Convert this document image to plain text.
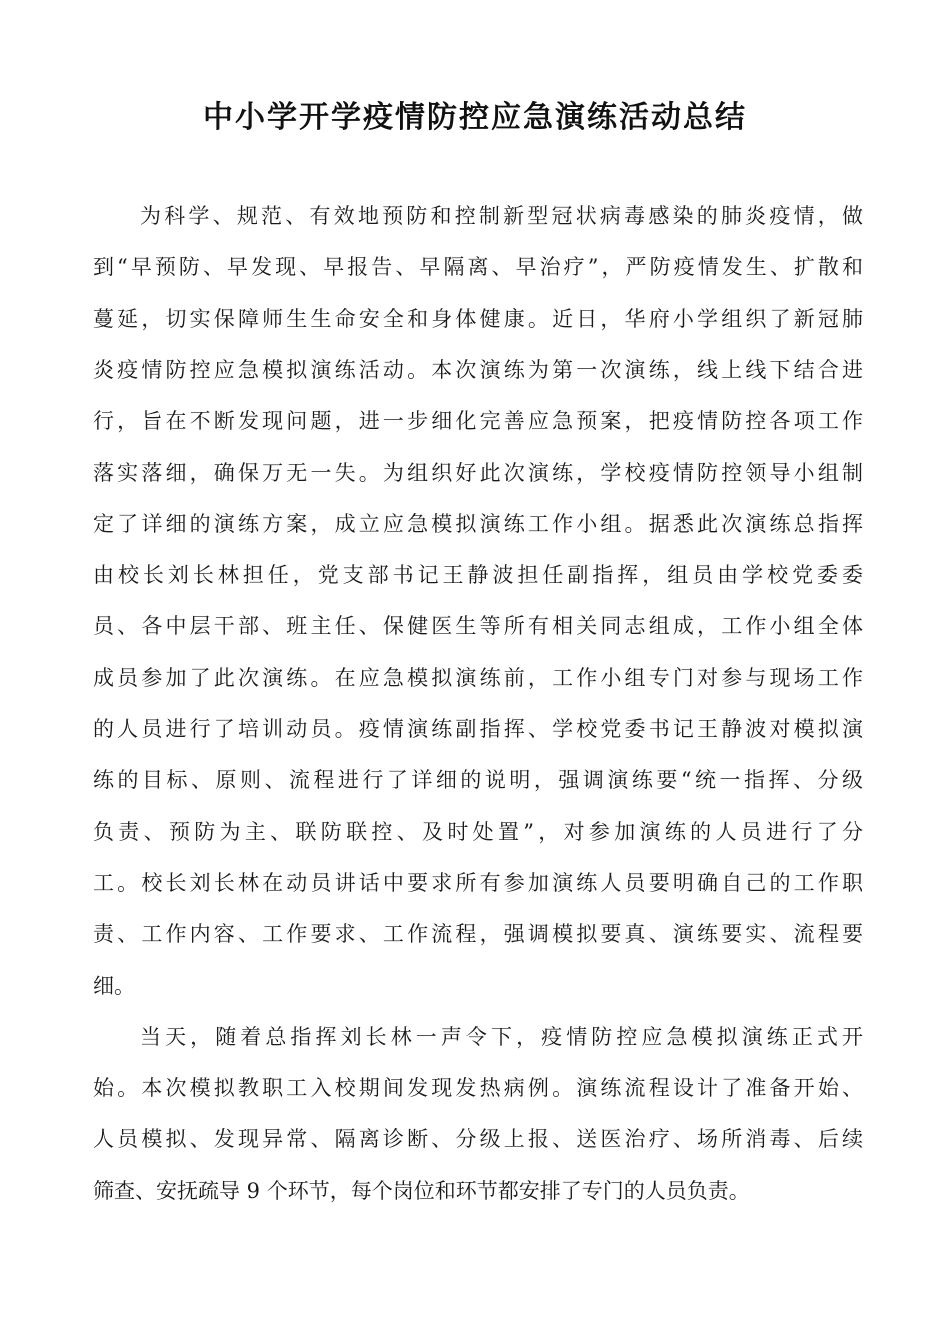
中小学开学疫情防控应急演练活动总结
为科学、规范、有效地预防和控制新型冠状病毒感染的肺炎疫情，做
到“早预防、早发现、早报告、早隔离、早治疗”，严防疫情发生、扩散和
蔓延，切实保障师生生命安全和身体健康。近日，华府小学组织了新冠肺
炎疫情防控应急模拟演练活动。本次演练为第一次演练，线上线下结合进
行，旨在不断发现问题，进一步细化完善应急预案，把疫情防控各项工作
落实落细，确保万无一失。为组织好此次演练，学校疫情防控领导小组制
定了详细的演练方案，成立应急模拟演练工作小组。据悉此次演练总指挥
由校长刘长林担任，党支部书记王静波担任副指挥，组员由学校党委委
员、各中层干部、班主任、保健医生等所有相关同志组成，工作小组全体
成员参加了此次演练。在应急模拟演练前，工作小组专门对参与现场工作
的人员进行了培训动员。疫情演练副指挥、学校党委书记王静波对模拟演
练的目标、原则、流程进行了详细的说明，强调演练要“统一指挥、分级
负责、预防为主、联防联控、及时处置”，对参加演练的人员进行了分
工。校长刘长林在动员讲话中要求所有参加演练人员要明确自己的工作职
责、工作内容、工作要求、工作流程，强调模拟要真、演练要实、流程要
细。
当天，随着总指挥刘长林一声令下，疫情防控应急模拟演练正式开
始。本次模拟教职工入校期间发现发热病例。演练流程设计了准备开始、
人员模拟、发现异常、隔离诊断、分级上报、送医治疗、场所消毒、后续
筛查、安抚疏导 9 个环节，每个岗位和环节都安排了专门的人员负责。
